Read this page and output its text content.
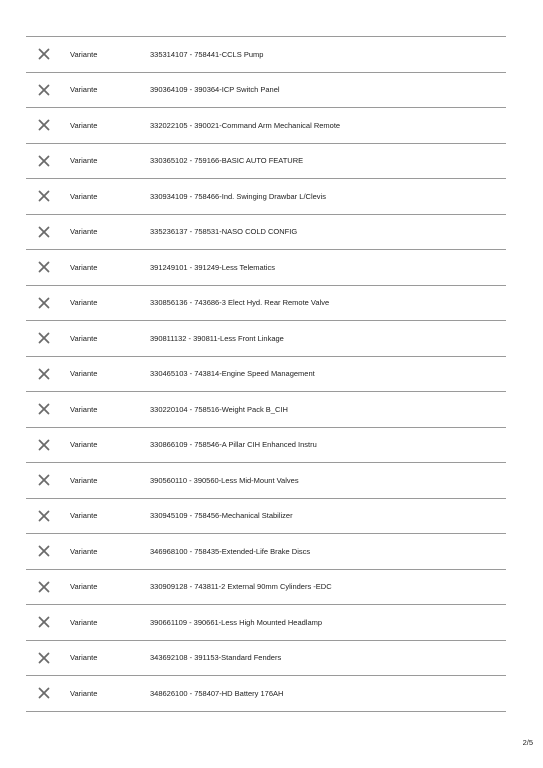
Variante	335314107 - 758441-CCLS Pump
Variante	390364109 - 390364-ICP Switch Panel
Variante	332022105 - 390021-Command Arm Mechanical Remote
Variante	330365102 - 759166-BASIC AUTO FEATURE
Variante	330934109 - 758466-Ind. Swinging Drawbar L/Clevis
Variante	335236137 - 758531-NASO COLD CONFIG
Variante	391249101 - 391249-Less Telematics
Variante	330856136 - 743686-3 Elect Hyd. Rear Remote Valve
Variante	390811132 - 390811-Less Front Linkage
Variante	330465103 - 743814-Engine Speed Management
Variante	330220104 - 758516-Weight Pack B_CIH
Variante	330866109 - 758546-A Pillar CIH Enhanced Instru
Variante	390560110 - 390560-Less Mid-Mount Valves
Variante	330945109 - 758456-Mechanical Stabilizer
Variante	346968100 - 758435-Extended-Life Brake Discs
Variante	330909128 - 743811-2 External 90mm Cylinders -EDC
Variante	390661109 - 390661-Less High Mounted Headlamp
Variante	343692108 - 391153-Standard Fenders
Variante	348626100 - 758407-HD Battery 176AH
2/5
